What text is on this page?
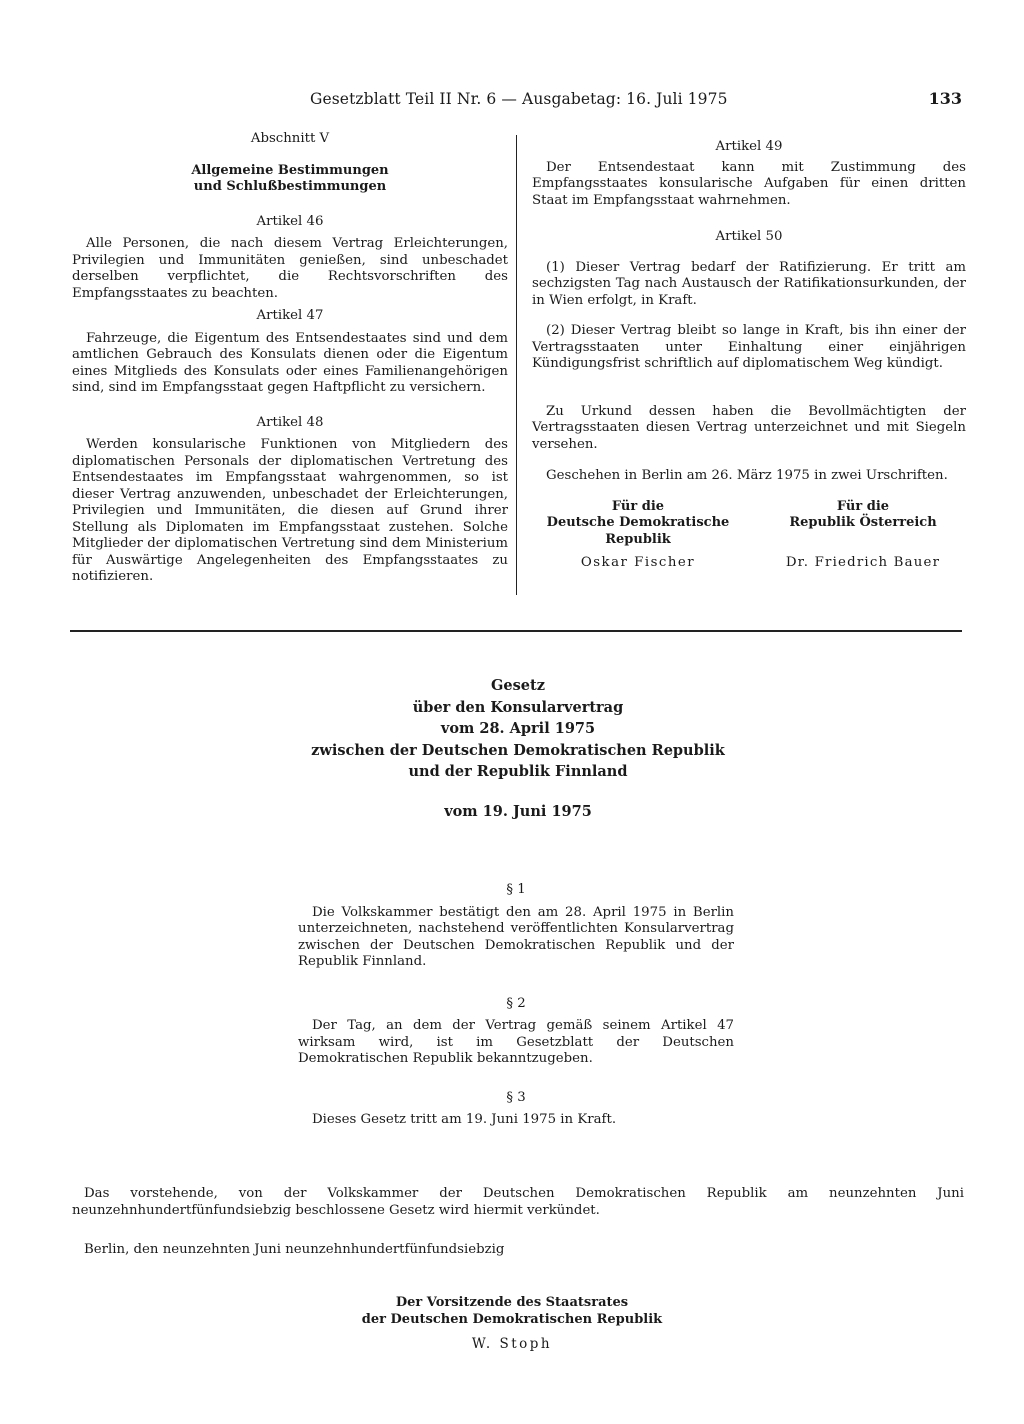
Gesetzblatt Teil II Nr. 6 — Ausgabetag: 16. Juli 1975	133
Abschnitt V
Allgemeine Bestimmungen
und Schlußbestimmungen
Artikel 46

Alle Personen, die nach diesem Vertrag Erleichterungen, Privilegien und Immunitäten genießen, sind unbeschadet derselben verpflichtet, die Rechtsvorschriften des Empfangsstaates zu beachten.

Artikel 47

Fahrzeuge, die Eigentum des Entsendestaates sind und dem amtlichen Gebrauch des Konsulats dienen oder die Eigentum eines Mitglieds des Konsulats oder eines Familienangehörigen sind, sind im Empfangsstaat gegen Haftpflicht zu versichern.

Artikel 48

Werden konsularische Funktionen von Mitgliedern des diplomatischen Personals der diplomatischen Vertretung des Entsendestaates im Empfangsstaat wahrgenommen, so ist dieser Vertrag anzuwenden, unbeschadet der Erleichterungen, Privilegien und Immunitäten, die diesen auf Grund ihrer Stellung als Diplomaten im Empfangsstaat zustehen. Solche Mitglieder der diplomatischen Vertretung sind dem Ministerium für Auswärtige Angelegenheiten des Empfangsstaates zu notifizieren.

Artikel 49

Der Entsendestaat kann mit Zustimmung des Empfangsstaates konsularische Aufgaben für einen dritten Staat im Empfangsstaat wahrnehmen.

Artikel 50

(1) Dieser Vertrag bedarf der Ratifizierung. Er tritt am sechzigsten Tag nach Austausch der Ratifikationsurkunden, der in Wien erfolgt, in Kraft.

(2) Dieser Vertrag bleibt so lange in Kraft, bis ihn einer der Vertragsstaaten unter Einhaltung einer einjährigen Kündigungsfrist schriftlich auf diplomatischem Weg kündigt.

Zu Urkund dessen haben die Bevollmächtigten der Vertragsstaaten diesen Vertrag unterzeichnet und mit Siegeln versehen.

Geschehen in Berlin am 26. März 1975 in zwei Urschriften.

Für die
Deutsche Demokratische
Republik
Oskar Fischer
Für die
Republik Österreich
Dr. Friedrich Bauer
Gesetz
über den Konsularvertrag
vom 28. April 1975
zwischen der Deutschen Demokratischen Republik
und der Republik Finnland
vom 19. Juni 1975
§ 1

Die Volkskammer bestätigt den am 28. April 1975 in Berlin unterzeichneten, nachstehend veröffentlichten Konsularvertrag zwischen der Deutschen Demokratischen Republik und der Republik Finnland.

§ 2

Der Tag, an dem der Vertrag gemäß seinem Artikel 47 wirksam wird, ist im Gesetzblatt der Deutschen Demokratischen Republik bekanntzugeben.

§ 3

Dieses Gesetz tritt am 19. Juni 1975 in Kraft.

Das vorstehende, von der Volkskammer der Deutschen Demokratischen Republik am neunzehnten Juni neunzehnhundertfünfundsiebzig beschlossene Gesetz wird hiermit verkündet.

Berlin, den neunzehnten Juni neunzehnhundertfünfundsiebzig

Der Vorsitzende des Staatsrates
der Deutschen Demokratischen Republik
W. Stoph
